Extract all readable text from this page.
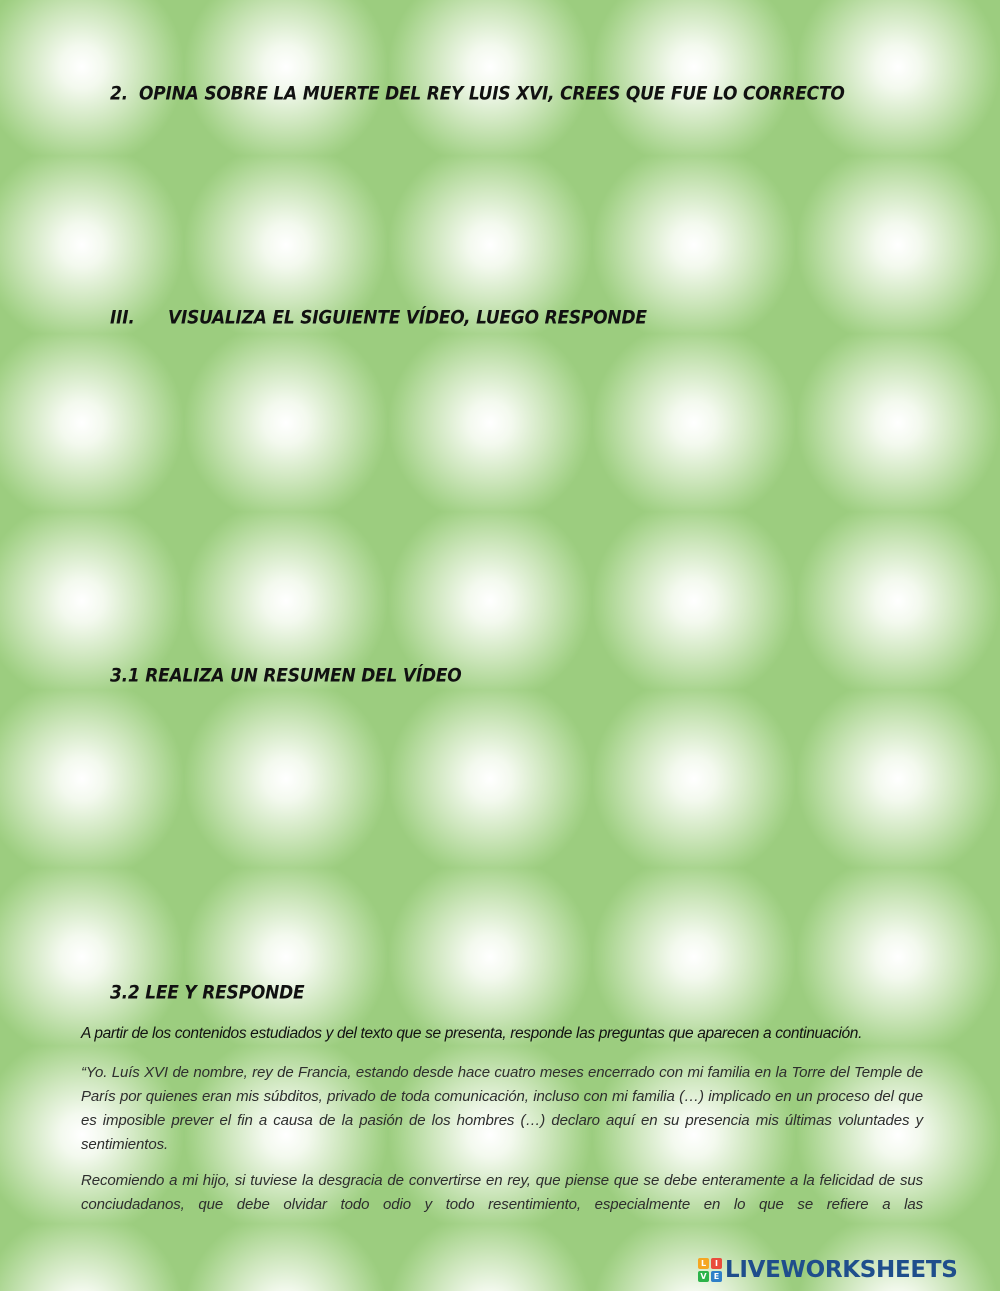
2. OPINA SOBRE LA MUERTE DEL REY LUIS XVI, CREES QUE FUE LO CORRECTO
III. VISUALIZA EL SIGUIENTE VÍDEO, LUEGO RESPONDE
3.1 REALIZA UN RESUMEN DEL VÍDEO
3.2 LEE Y RESPONDE

A partir de los contenidos estudiados y del texto que se presenta, responde las preguntas que aparecen a continuación.

“Yo. Luís XVI de nombre, rey de Francia, estando desde hace cuatro meses encerrado con mi familia en la Torre del Temple de París por quienes eran mis súbditos, privado de toda comunicación, incluso con mi familia (…) implicado en un proceso del que es imposible prever el fin a causa de la pasión de los hombres (…) declaro aquí en su presencia mis últimas voluntades y sentimientos.

Recomiendo a mi hijo, si tuviese la desgracia de convertirse en rey, que piense que se debe enteramente a la felicidad de sus conciudadanos, que debe olvidar todo odio y todo resentimiento, especialmente en lo que se refiere a las

L	I
V E LIVEWORKSHEETS
